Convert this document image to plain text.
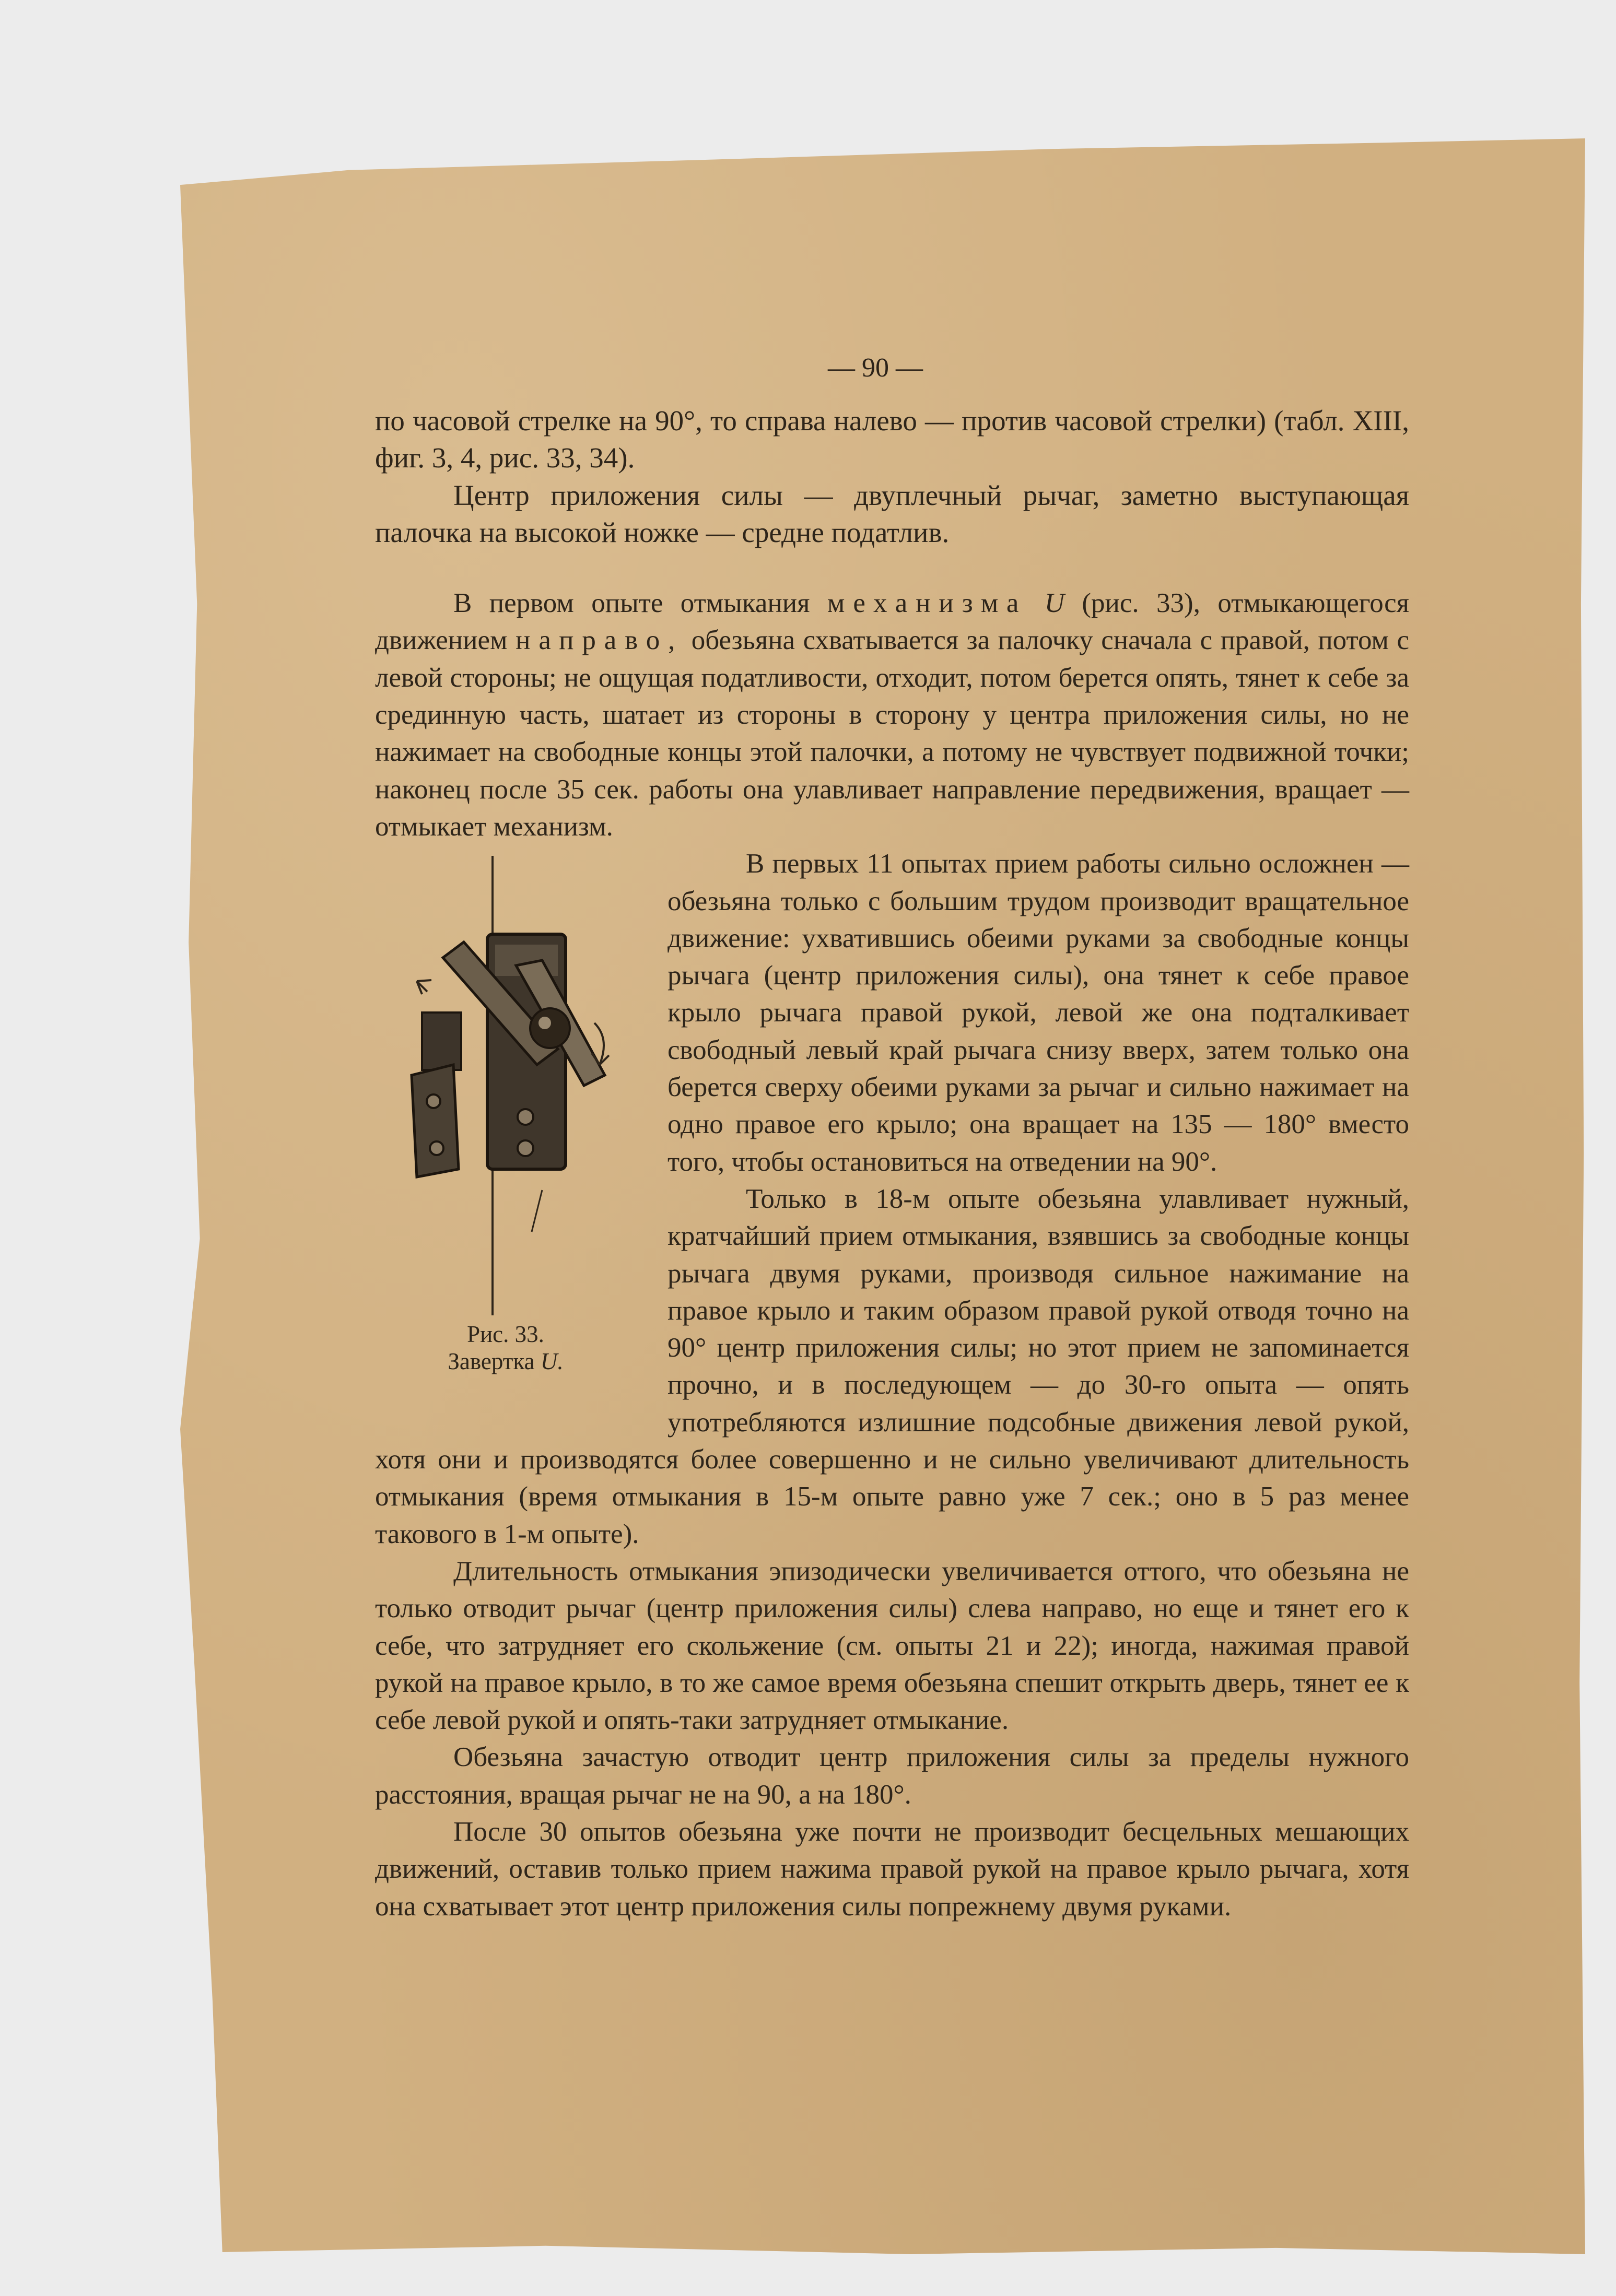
— 90 —

по часовой стрелке на 90°, то справа налево — против часовой стрелки) (табл. XIII, фиг. 3, 4, рис. 33, 34).

Центр приложения силы — двуплечный рычаг, заметно выступающая палочка на высокой ножке — средне податлив.

В первом опыте отмыкания механизма U (рис. 33), отмыкающегося движением направо, обезьяна схватывается за палочку сначала с правой, потом с левой стороны; не ощущая податливости, отходит, потом берется опять, тянет к себе за срединную часть, шатает из стороны в сторону у центра приложения силы, но не нажимает на свободные концы этой палочки, а потому не чувствует подвижной точки; наконец после 35 сек. работы она улавливает направление передвижения, вращает — отмыкает механизм.

Рис. 33.
Завертка U.

В первых 11 опытах прием работы сильно осложнен — обезьяна только с большим трудом производит вращательное движение: ухватившись обеими руками за свободные концы рычага (центр приложения силы), она тянет к себе правое крыло рычага правой рукой, левой же она подталкивает свободный левый край рычага снизу вверх, затем только она берется сверху обеими руками за рычаг и сильно нажимает на одно правое его крыло; она вращает на 135 — 180° вместо того, чтобы остановиться на отведении на 90°.

Только в 18-м опыте обезьяна улавливает нужный, кратчайший прием отмыкания, взявшись за свободные концы рычага двумя руками, производя сильное нажимание на правое крыло и таким образом правой рукой отводя точно на 90° центр приложения силы; но этот прием не запоминается прочно, и в последующем — до 30-го опыта — опять употребляются излишние подсобные движения левой рукой, хотя они и производятся более совершенно и не сильно увеличивают длительность отмыкания (время отмыкания в 15-м опыте равно уже 7 сек.; оно в 5 раз менее такового в 1-м опыте).

Длительность отмыкания эпизодически увеличивается оттого, что обезьяна не только отводит рычаг (центр приложения силы) слева направо, но еще и тянет его к себе, что затрудняет его скольжение (см. опыты 21 и 22); иногда, нажимая правой рукой на правое крыло, в то же самое время обезьяна спешит открыть дверь, тянет ее к себе левой рукой и опять-таки затрудняет отмыкание.

Обезьяна зачастую отводит центр приложения силы за пределы нужного расстояния, вращая рычаг не на 90, а на 180°.

После 30 опытов обезьяна уже почти не производит бесцельных мешающих движений, оставив только прием нажима правой рукой на правое крыло рычага, хотя она схватывает этот центр приложения силы попрежнему двумя руками.
